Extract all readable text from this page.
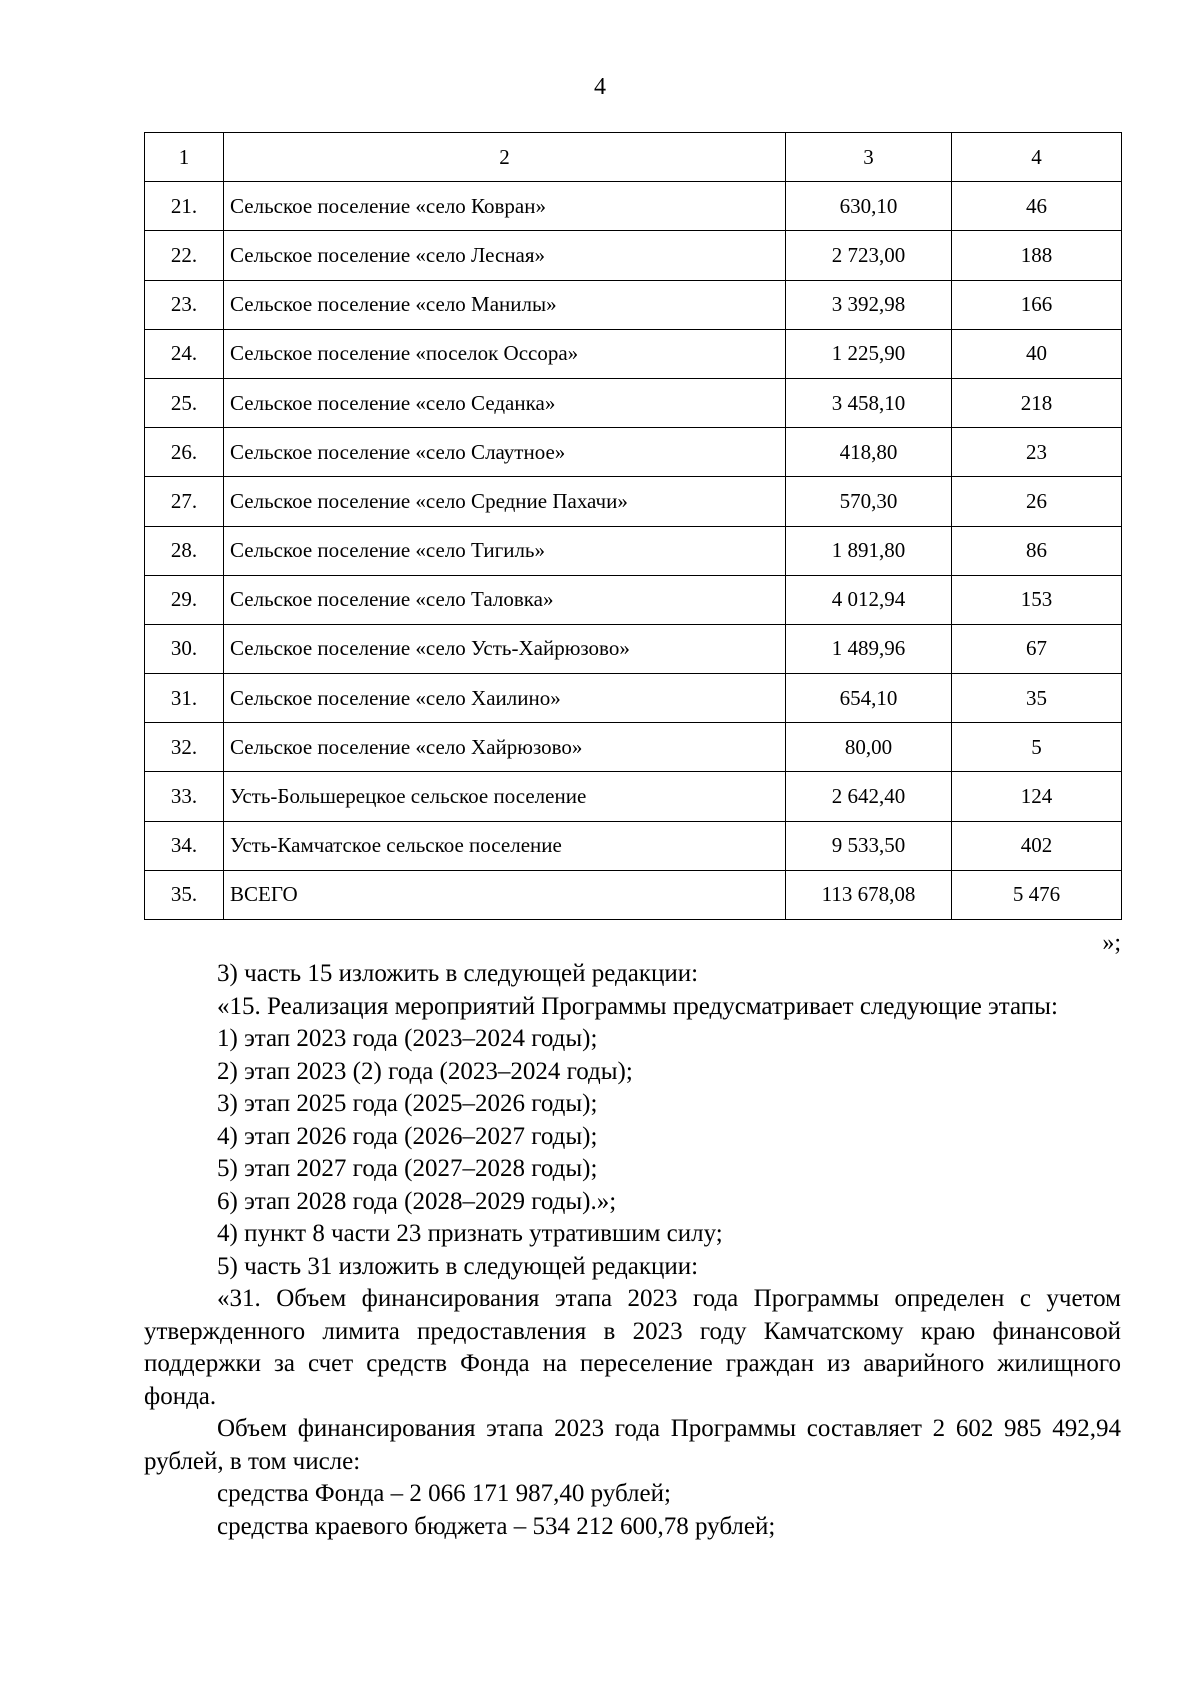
4
1	2	3	4
21.	Сельское поселение «село Ковран»	630,10	46
22.	Сельское поселение «село Лесная»	2 723,00	188
23.	Сельское поселение «село Манилы»	3 392,98	166
24.	Сельское поселение «поселок Оссора»	1 225,90	40
25.	Сельское поселение «село Седанка»	3 458,10	218
26.	Сельское поселение «село Слаутное»	418,80	23
27.	Сельское поселение «село Средние Пахачи»	570,30	26
28.	Сельское поселение «село Тигиль»	1 891,80	86
29.	Сельское поселение «село Таловка»	4 012,94	153
30.	Сельское поселение «село Усть-Хайрюзово»	1 489,96	67
31.	Сельское поселение «село Хаилино»	654,10	35
32.	Сельское поселение «село Хайрюзово»	80,00	5
33.	Усть-Большерецкое сельское поселение	2 642,40	124
34.	Усть-Камчатское сельское поселение	9 533,50	402
35.	ВСЕГО	113 678,08	5 476
»;

3) часть 15 изложить в следующей редакции:

«15. Реализация мероприятий Программы предусматривает следующие этапы:

1) этап 2023 года (2023–2024 годы);

2) этап 2023 (2) года (2023–2024 годы);

3) этап 2025 года (2025–2026 годы);

4) этап 2026 года (2026–2027 годы);

5) этап 2027 года (2027–2028 годы);

6) этап 2028 года (2028–2029 годы).»;

4) пункт 8 части 23 признать утратившим силу;

5) часть 31 изложить в следующей редакции:

«31. Объем финансирования этапа 2023 года Программы определен с учетом утвержденного лимита предоставления в 2023 году Камчатскому краю финансовой поддержки за счет средств Фонда на переселение граждан из аварийного жилищного фонда.

Объем финансирования этапа 2023 года Программы составляет 2 602 985 492,94 рублей, в том числе:

средства Фонда – 2 066 171 987,40 рублей;

средства краевого бюджета – 534 212 600,78 рублей;
